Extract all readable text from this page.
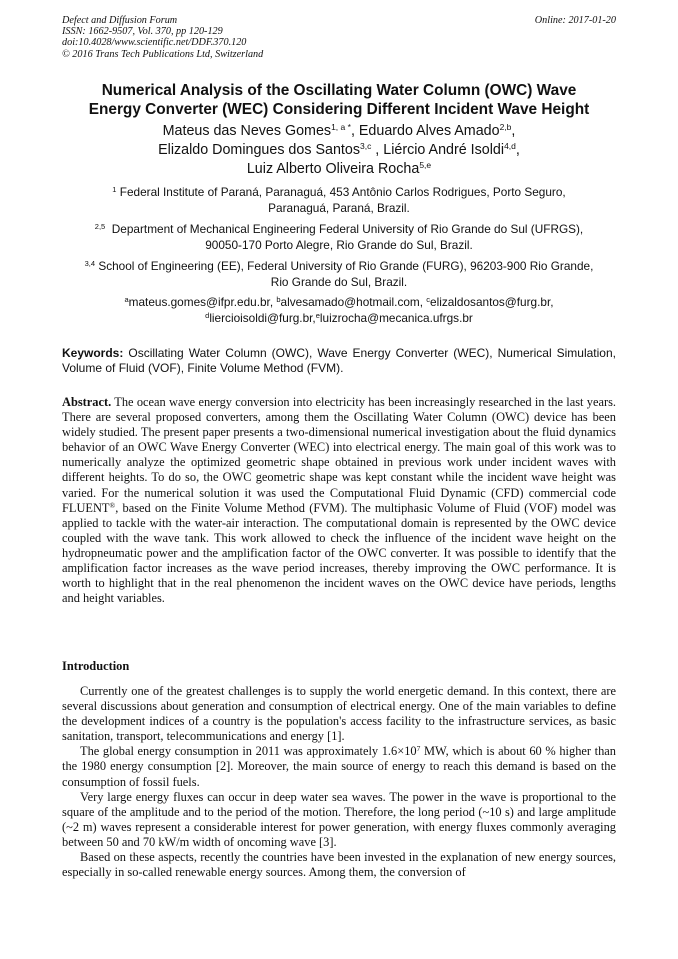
Defect and Diffusion Forum
ISSN: 1662-9507, Vol. 370, pp 120-129
doi:10.4028/www.scientific.net/DDF.370.120
© 2016 Trans Tech Publications Ltd, Switzerland
Online: 2017-01-20
Numerical Analysis of the Oscillating Water Column (OWC) Wave
Energy Converter (WEC) Considering Different Incident Wave Height
Mateus das Neves Gomes$^{1, a *}$, Eduardo Alves Amado$^{2,b}$,
Elizaldo Domingues dos Santos$^{3,c}$ , Liércio André Isoldi$^{4,d}$,
Luiz Alberto Oliveira Rocha$^{5,e}$
$^1$ Federal Institute of Paraná, Paranaguá, 453 Antônio Carlos Rodrigues, Porto Seguro,
Paranaguá, Paraná, Brazil.
$^{2,5}$ Department of Mechanical Engineering Federal University of Rio Grande do Sul (UFRGS),
90050-170 Porto Alegre, Rio Grande do Sul, Brazil.
$^{3,4}$ School of Engineering (EE), Federal University of Rio Grande (FURG), 96203-900 Rio Grande,
Rio Grande do Sul, Brazil.
$^a$mateus.gomes@ifpr.edu.br, $^b$alvesamado@hotmail.com, $^c$elizaldosantos@furg.br,
$^d$liercioisoldi@furg.br,$^e$luizrocha@mecanica.ufrgs.br
Keywords: Oscillating Water Column (OWC), Wave Energy Converter (WEC), Numerical Simulation, Volume of Fluid (VOF), Finite Volume Method (FVM).
Abstract. The ocean wave energy conversion into electricity has been increasingly researched in the last years. There are several proposed converters, among them the Oscillating Water Column (OWC) device has been widely studied. The present paper presents a two-dimensional numerical investigation about the fluid dynamics behavior of an OWC Wave Energy Converter (WEC) into electrical energy. The main goal of this work was to numerically analyze the optimized geometric shape obtained in previous work under incident waves with different heights. To do so, the OWC geometric shape was kept constant while the incident wave height was varied. For the numerical solution it was used the Computational Fluid Dynamic (CFD) commercial code FLUENT®, based on the Finite Volume Method (FVM). The multiphasic Volume of Fluid (VOF) model was applied to tackle with the water-air interaction. The computational domain is represented by the OWC device coupled with the wave tank. This work allowed to check the influence of the incident wave height on the hydropneumatic power and the amplification factor of the OWC converter. It was possible to identify that the amplification factor increases as the wave period increases, thereby improving the OWC performance. It is worth to highlight that in the real phenomenon the incident waves on the OWC device have periods, lengths and height variables.
Introduction

Currently one of the greatest challenges is to supply the world energetic demand. In this context, there are several discussions about generation and consumption of electrical energy. One of the main variables to define the development indices of a country is the population's access facility to the infrastructure services, as basic sanitation, transport, telecommunications and energy [1].

The global energy consumption in 2011 was approximately $1.6\times 10^7$ MW, which is about 60 % higher than the 1980 energy consumption [2]. Moreover, the main source of energy to reach this demand is based on the consumption of fossil fuels.

Very large energy fluxes can occur in deep water sea waves. The power in the wave is proportional to the square of the amplitude and to the period of the motion. Therefore, the long period (~10 s) and large amplitude (~2 m) waves represent a considerable interest for power generation, with energy fluxes commonly averaging between 50 and 70 kW/m width of oncoming wave [3].

Based on these aspects, recently the countries have been invested in the explanation of new energy sources, especially in so-called renewable energy sources. Among them, the conversion of
